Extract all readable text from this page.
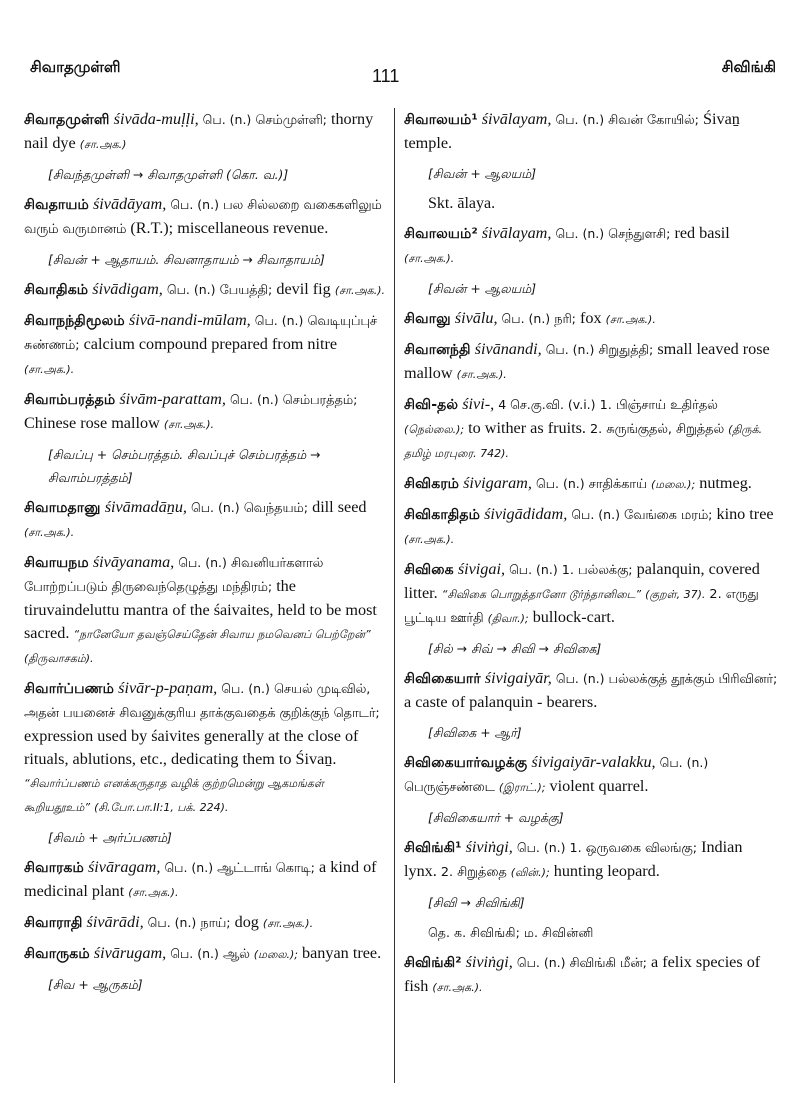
சிவாதமுள்ளி	111	சிவிங்கி
சிவாதமுள்ளி śivāda-muḷḷi, பெ. (n.) செம்முள்ளி; thorny nail dye (சா.அக.)
[சிவந்தமுள்ளி → சிவாதமுள்ளி (கொ. வ.)]
சிவதாயம் śivādāyam, பெ. (n.) பல சில்லறை வகைகளிலும் வரும் வருமானம் (R.T.); miscellaneous revenue.
[சிவன் + ஆதாயம். சிவனாதாயம் → சிவாதாயம்]
சிவாதிகம் śivādigam, பெ. (n.) பேயத்தி; devil fig (சா.அக.).
சிவாநந்திமூலம் śivā-nandi-mūlam, பெ. (n.) வெடியுப்புச் சுண்ணம்; calcium compound prepared from nitre (சா.அக.).
சிவாம்பரத்தம் śivām-parattam, பெ. (n.) செம்பரத்தம்; Chinese rose mallow (சா.அக.).
[சிவப்பு + செம்பரத்தம். சிவப்புச் செம்பரத்தம் → சிவாம்பரத்தம்]
சிவாமதானு śivāmadāṉu, பெ. (n.) வெந்தயம்; dill seed (சா.அக.).
சிவாயநம śivāyanama, பெ. (n.) சிவனியர்களால் போற்றப்படும் திருவைந்தெழுத்து மந்திரம்; the tiruvaindeluttu mantra of the śaivaites, held to be most sacred. “நானேயோ தவஞ்செய்தேன் சிவாய நமவெனப் பெற்றேன்” (திருவாசகம்).
சிவார்ப்பணம் śivār-p-paṇam, பெ. (n.) செயல் முடிவில், அதன் பயனைச் சிவனுக்குரிய தாக்குவதைக் குறிக்குந் தொடர்; expression used by śaivites generally at the close of rituals, ablutions, etc., dedicating them to Śivaṉ. “சிவார்ப்பணம் எனக்கருதாத வழிக் குற்றமென்று ஆகமங்கள் கூறியதூஉம்” (சி.போ.பா.II:1, பக். 224).
[சிவம் + அர்ப்பணம்]
சிவாரகம் śivāragam, பெ. (n.) ஆட்டாங் கொடி; a kind of medicinal plant (சா.அக.).
சிவாராதி śivārādi, பெ. (n.) நாய்; dog (சா.அக.).
சிவாருகம் śivārugam, பெ. (n.) ஆல் (மலை.); banyan tree.
[சிவ + ஆருகம்]
சிவாலயம்¹ śivālayam, பெ. (n.) சிவன் கோயில்; Śivaṉ temple.
[சிவன் + ஆலயம்]
Skt. ālaya.
சிவாலயம்² śivālayam, பெ. (n.) செந்துளசி; red basil (சா.அக.).
[சிவன் + ஆலயம்]
சிவாலு śivālu, பெ. (n.) நரி; fox (சா.அக.).
சிவானந்தி śivānandi, பெ. (n.) சிறுதுத்தி; small leaved rose mallow (சா.அக.).
சிவி-தல் śivi-, 4 செ.கு.வி. (v.i.) 1. பிஞ்சாய் உதிர்தல் (நெல்லை.); to wither as fruits. 2. சுருங்குதல், சிறுத்தல் (திருக். தமிழ் மரபுரை. 742).
சிவிகரம் śivigaram, பெ. (n.) சாதிக்காய் (மலை.); nutmeg.
சிவிகாதிதம் śivigādidam, பெ. (n.) வேங்கை மரம்; kino tree (சா.அக.).
சிவிகை śivigai, பெ. (n.) 1. பல்லக்கு; palanquin, covered litter. “சிவிகை பொறுத்தானோ டூர்ந்தானிடை” (குறள், 37). 2. எருது பூட்டிய ஊர்தி (திவா.); bullock-cart.
[சில் → சிவ் → சிவி → சிவிகை]
சிவிகையார் śivigaiyār, பெ. (n.) பல்லக்குத் தூக்கும் பிரிவினர்; a caste of palanquin - bearers.
[சிவிகை + ஆர்]
சிவிகையார்வழக்கு śivigaiyār-valakku, பெ. (n.) பெருஞ்சண்டை (இராட்.); violent quarrel.
[சிவிகையார் + வழக்கு]
சிவிங்கி¹ śiviṅgi, பெ. (n.) 1. ஒருவகை விலங்கு; Indian lynx. 2. சிறுத்தை (வின்.); hunting leopard.
[சிவி → சிவிங்கி]
தெ. க. சிவிங்கி; ம. சிவின்னி
சிவிங்கி² śiviṅgi, பெ. (n.) சிவிங்கி மீன்; a felix species of fish (சா.அக.).
